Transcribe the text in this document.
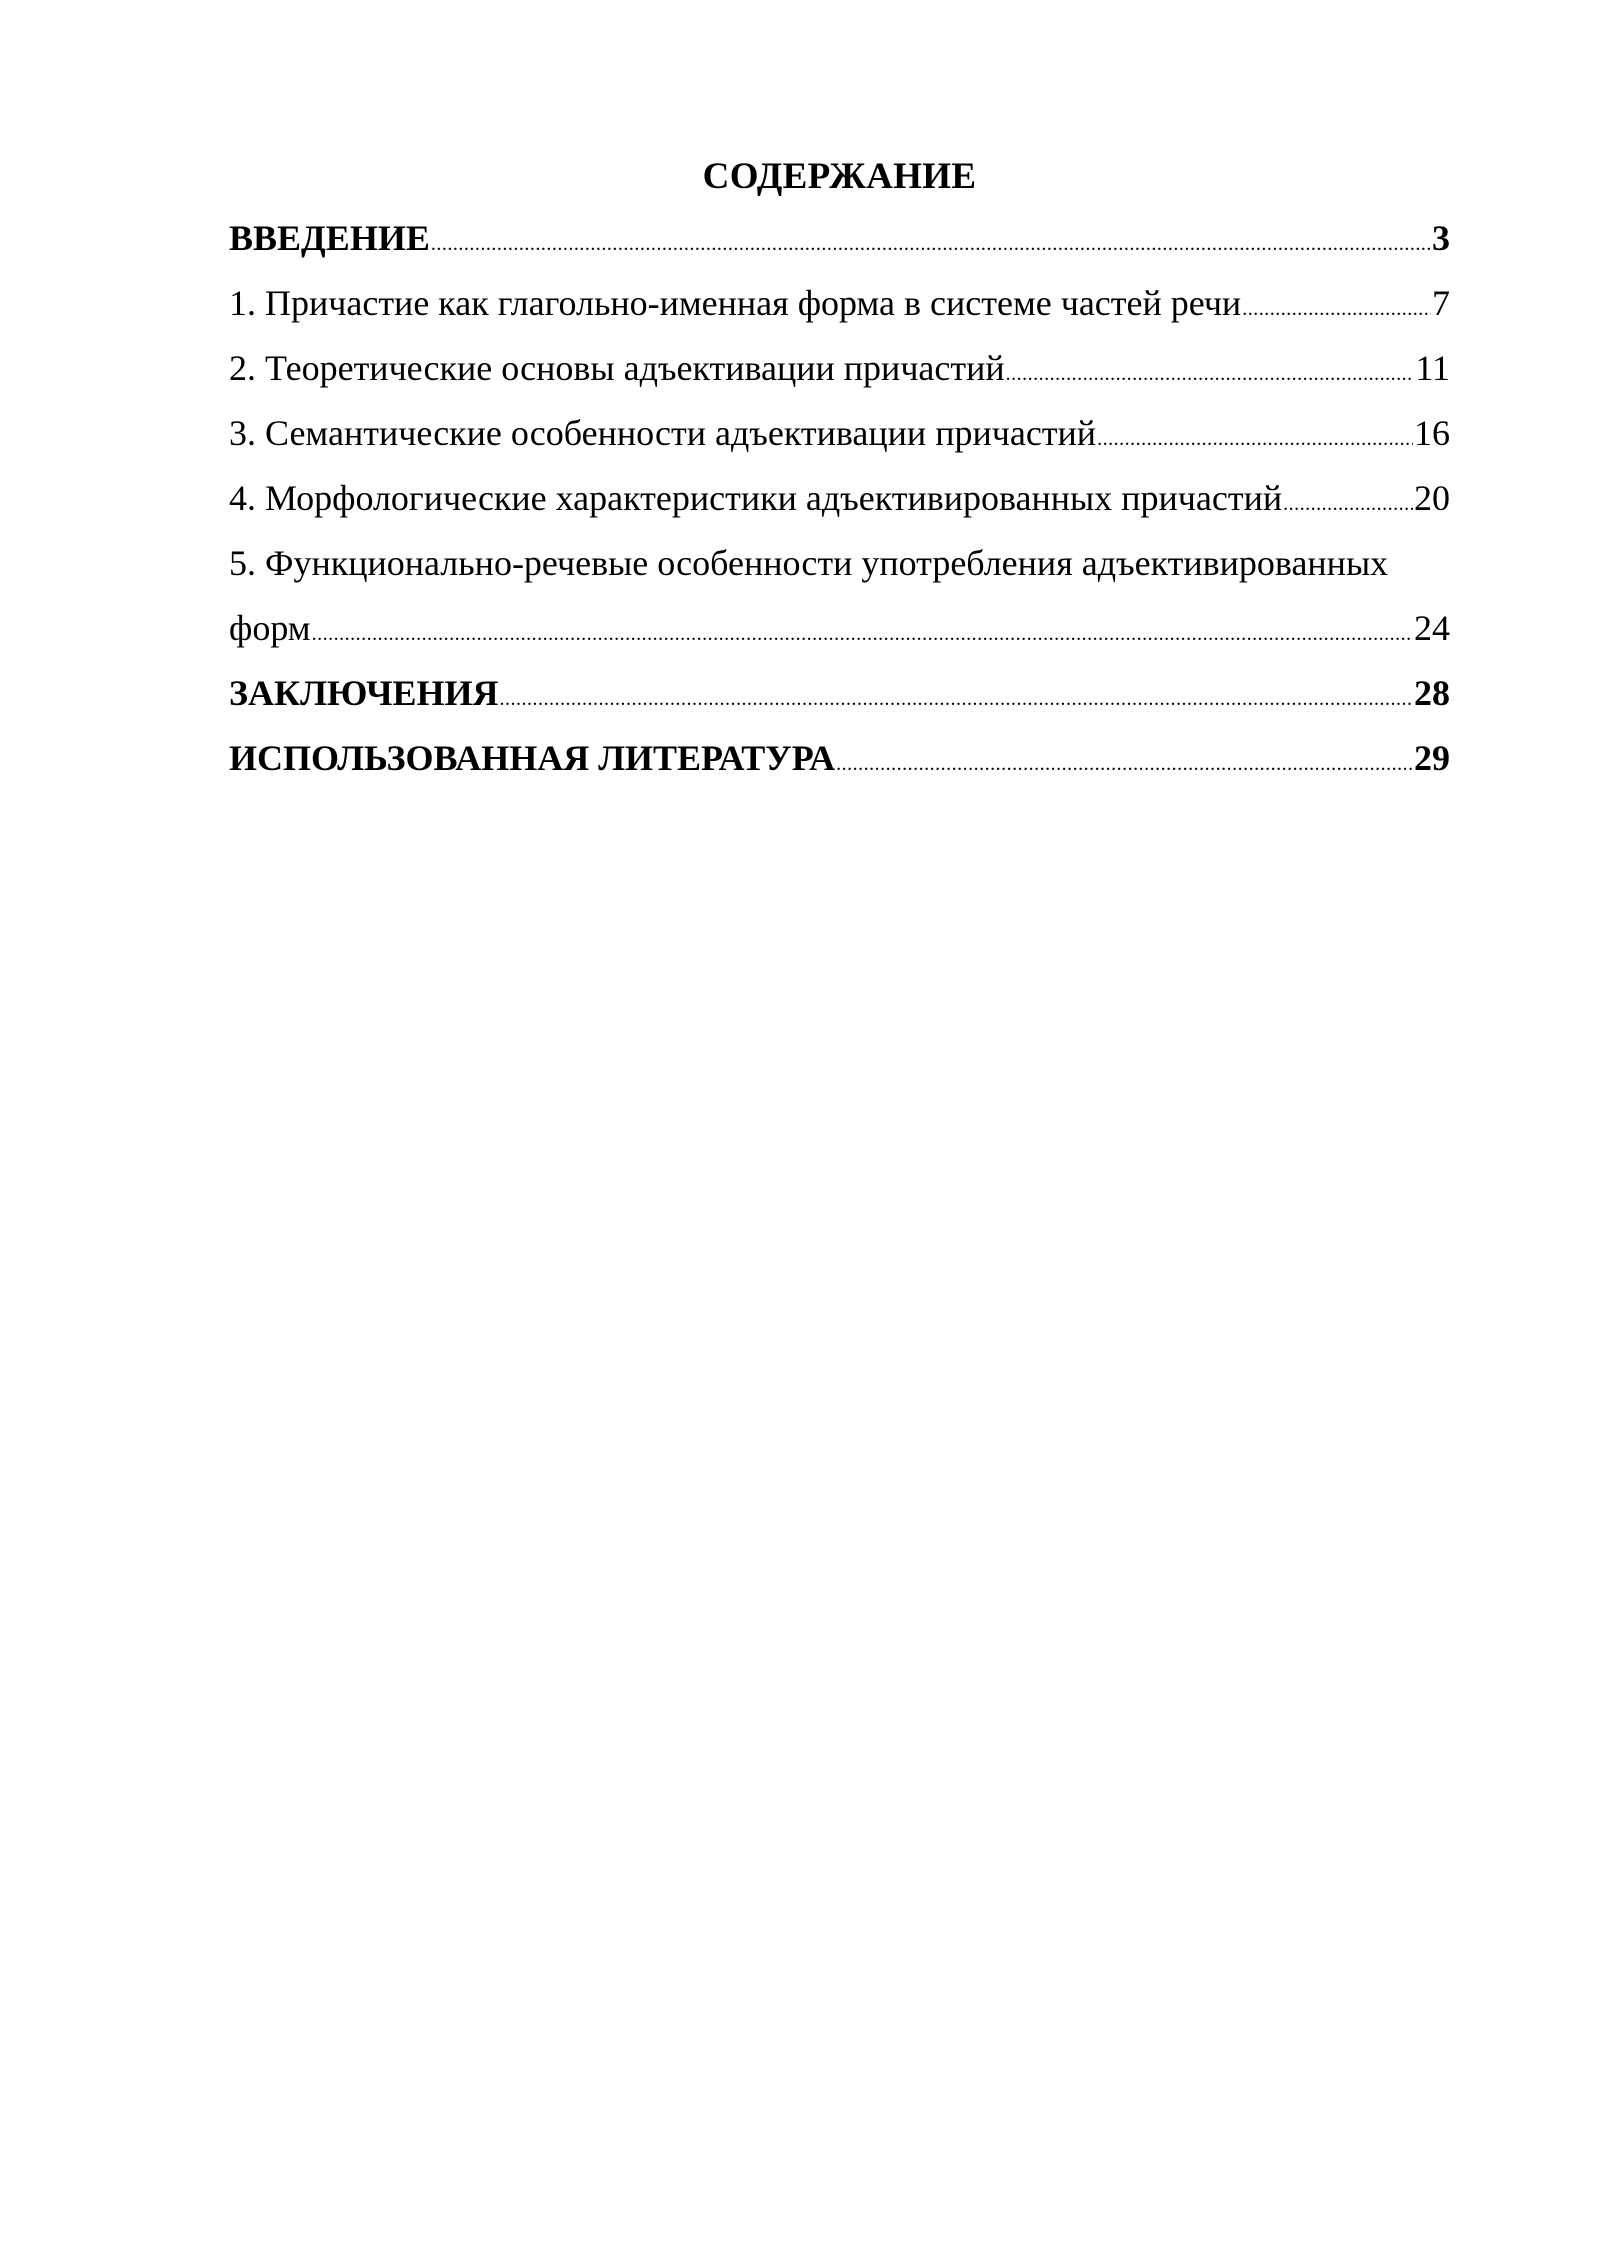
СОДЕРЖАНИЕ
ВВЕДЕНИЕ .....	3
1. Причастие как глагольно-именная форма в системе частей речи .....	7
2. Теоретические основы адъективации причастий .....	11
3. Семантические особенности адъективации причастий .....	16
4. Морфологические характеристики адъективированных причастий .....	20
5. Функционально-речевые особенности употребления адъективированных
форм .....	24
ЗАКЛЮЧЕНИЯ .....	28
ИСПОЛЬЗОВАННАЯ ЛИТЕРАТУРА .....	29
